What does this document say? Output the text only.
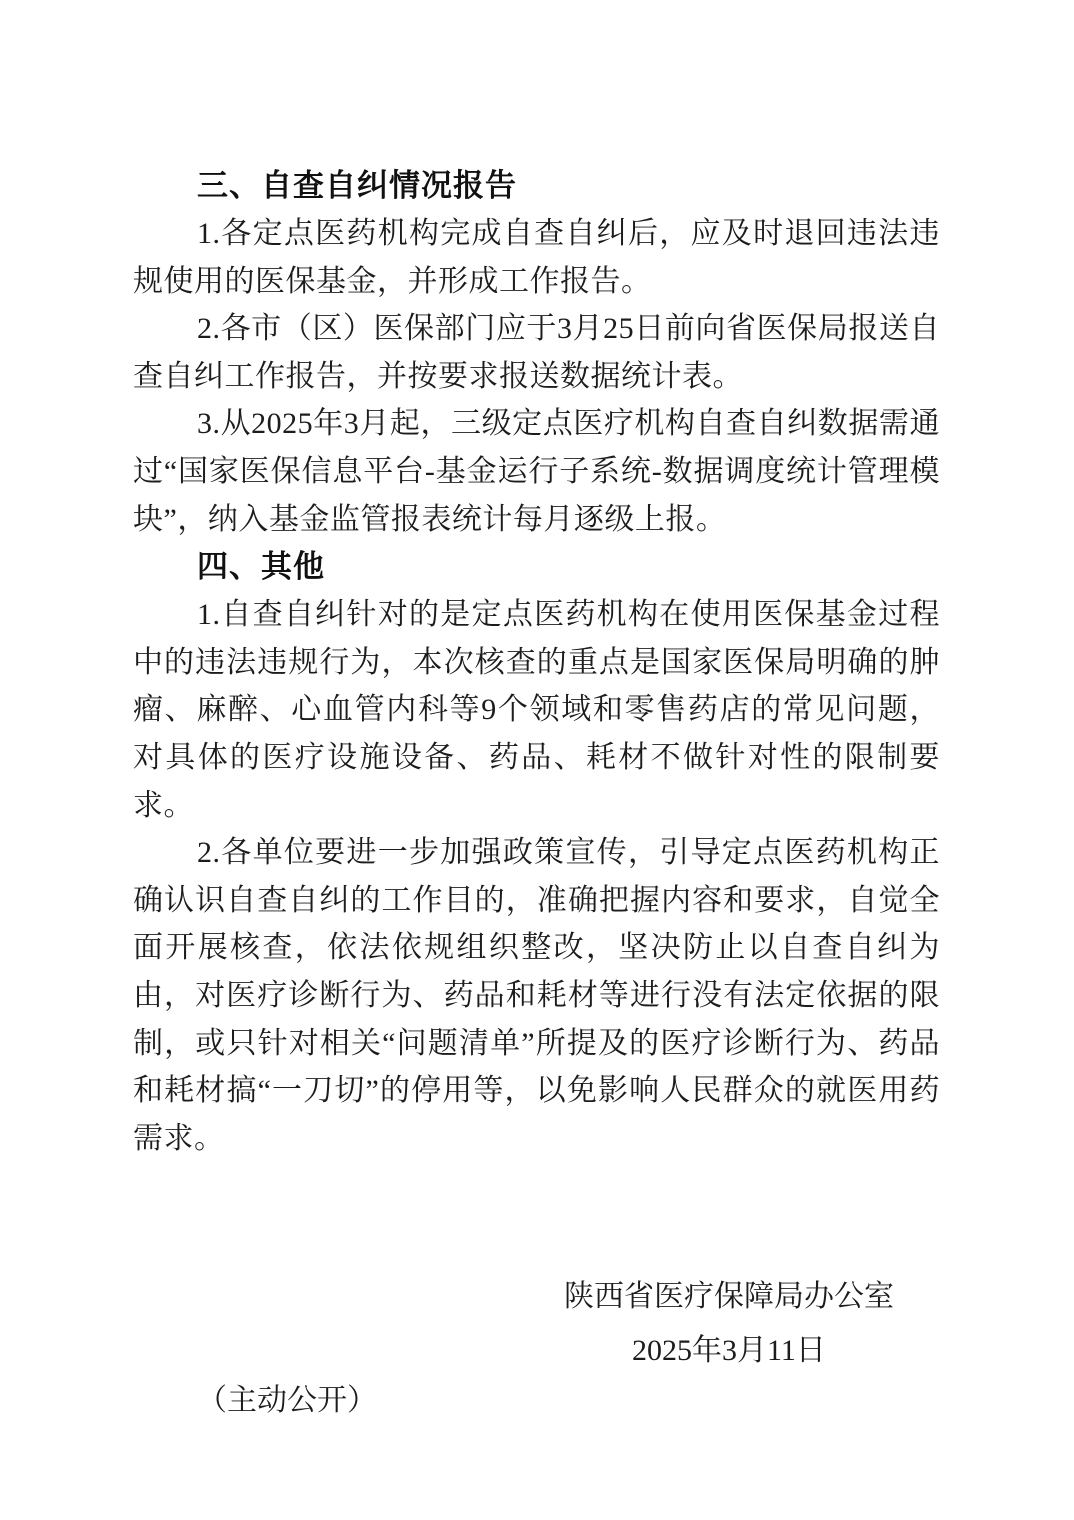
三、自查自纠情况报告
1.各定点医药机构完成自查自纠后，应及时退回违法违规使用的医保基金，并形成工作报告。
2.各市（区）医保部门应于3月25日前向省医保局报送自查自纠工作报告，并按要求报送数据统计表。
3.从2025年3月起，三级定点医疗机构自查自纠数据需通过“国家医保信息平台-基金运行子系统-数据调度统计管理模块”，纳入基金监管报表统计每月逐级上报。
四、其他
1.自查自纠针对的是定点医药机构在使用医保基金过程中的违法违规行为，本次核查的重点是国家医保局明确的肿瘤、麻醉、心血管内科等9个领域和零售药店的常见问题，对具体的医疗设施设备、药品、耗材不做针对性的限制要求。
2.各单位要进一步加强政策宣传，引导定点医药机构正确认识自查自纠的工作目的，准确把握内容和要求，自觉全面开展核查，依法依规组织整改，坚决防止以自查自纠为由，对医疗诊断行为、药品和耗材等进行没有法定依据的限制，或只针对相关“问题清单”所提及的医疗诊断行为、药品和耗材搞“一刀切”的停用等，以免影响人民群众的就医用药需求。
陕西省医疗保障局办公室
2025年3月11日
（主动公开）
